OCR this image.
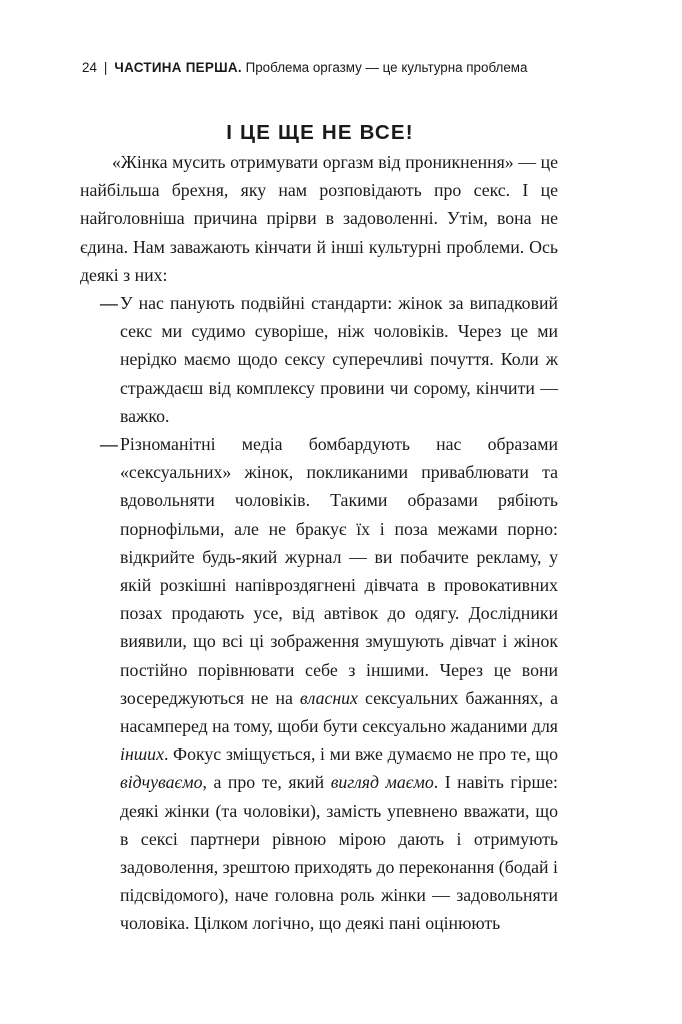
24 | ЧАСТИНА ПЕРША. Проблема оргазму — це культурна проблема
І ЦЕ ЩЕ НЕ ВСЕ!

«Жінка мусить отримувати оргазм від проникнення» — це найбільша брехня, яку нам розповідають про секс. І це найголовніша причина прірви в задоволенні. Утім, вона не єдина. Нам заважають кінчати й інші культурні проблеми. Ось деякі з них:

— У нас панують подвійні стандарти: жінок за випадковий секс ми судимо суворіше, ніж чоловіків. Через це ми нерідко маємо щодо сексу суперечливі почуття. Коли ж страждаєш від комплексу провини чи сорому, кінчити — важко.
— Різноманітні медіа бомбардують нас образами «сексуальних» жінок, покликаними приваблювати та вдовольняти чоловіків. Такими образами рябіють порнофільми, але не бракує їх і поза межами порно: відкрийте будь-який журнал — ви побачите рекламу, у якій розкішні напівроздягнені дівчата в провокативних позах продають усе, від автівок до одягу. Дослідники виявили, що всі ці зображення змушують дівчат і жінок постійно порівнювати себе з іншими. Через це вони зосереджуються не на власних сексуальних бажаннях, а насамперед на тому, щоби бути сексуально жаданими для інших. Фокус зміщується, і ми вже думаємо не про те, що відчуваємо, а про те, який вигляд маємо. І навіть гірше: деякі жінки (та чоловіки), замість упевнено вважати, що в сексі партнери рівною мірою дають і отримують задоволення, зрештою приходять до переконання (бодай і підсвідомого), наче головна роль жінки — задовольняти чоловіка. Цілком логічно, що деякі пані оцінюють
